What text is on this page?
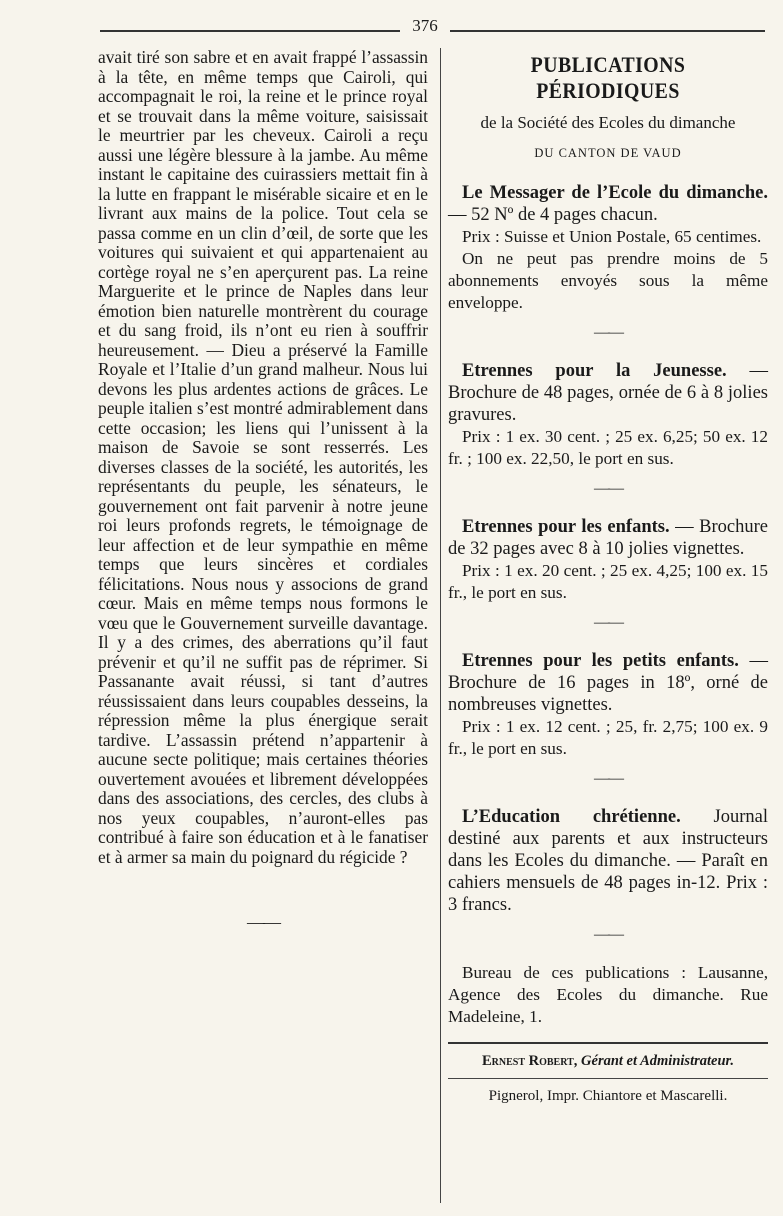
376

avait tiré son sabre et en avait frappé l’assassin à la tête, en même temps que Cairoli, qui accompagnait le roi, la reine et le prince royal et se trouvait dans la même voiture, saisissait le meurtrier par les cheveux. Cairoli a reçu aussi une légère blessure à la jambe. Au même instant le capitaine des cuirassiers mettait fin à la lutte en frappant le misérable sicaire et en le livrant aux mains de la police. Tout cela se passa comme en un clin d’œil, de sorte que les voitures qui suivaient et qui appartenaient au cortège royal ne s’en aperçurent pas. La reine Marguerite et le prince de Naples dans leur émotion bien naturelle montrèrent du courage et du sang froid, ils n’ont eu rien à souffrir heureusement. — Dieu a préservé la Famille Royale et l’Italie d’un grand malheur. Nous lui devons les plus ardentes actions de grâces. Le peuple italien s’est montré admirablement dans cette occasion; les liens qui l’unissent à la maison de Savoie se sont resserrés. Les diverses classes de la société, les autorités, les représentants du peuple, les sénateurs, le gouvernement ont fait parvenir à notre jeune roi leurs profonds regrets, le témoignage de leur affection et de leur sympathie en même temps que leurs sincères et cordiales félicitations. Nous nous y associons de grand cœur. Mais en même temps nous formons le vœu que le Gouvernement surveille davantage. Il y a des crimes, des aberrations qu’il faut prévenir et qu’il ne suffit pas de réprimer. Si Passanante avait réussi, si tant d’autres réussissaient dans leurs coupables desseins, la répression même la plus énergique serait tardive. L’assassin prétend n’appartenir à aucune secte politique; mais certaines théories ouvertement avouées et librement développées dans des associations, des cercles, des clubs à nos yeux coupables, n’auront-elles pas contribué à faire son éducation et à le fanatiser et à armer sa main du poignard du régicide ?

——

PUBLICATIONS PÉRIODIQUES

de la Société des Ecoles du dimanche

DU CANTON DE VAUD

Le Messager de l’Ecole du dimanche. — 52 Nº de 4 pages chacun.

Prix : Suisse et Union Postale, 65 centimes.

On ne peut pas prendre moins de 5 abonnements envoyés sous la même enveloppe.

——

Etrennes pour la Jeunesse. — Brochure de 48 pages, ornée de 6 à 8 jolies gravures.

Prix : 1 ex. 30 cent. ; 25 ex. 6,25; 50 ex. 12 fr. ; 100 ex. 22,50, le port en sus.

——

Etrennes pour les enfants. — Brochure de 32 pages avec 8 à 10 jolies vignettes.

Prix : 1 ex. 20 cent. ; 25 ex. 4,25; 100 ex. 15 fr., le port en sus.

——

Etrennes pour les petits enfants. — Brochure de 16 pages in 18º, orné de nombreuses vignettes.

Prix : 1 ex. 12 cent. ; 25, fr. 2,75; 100 ex. 9 fr., le port en sus.

——

L’Education chrétienne. Journal destiné aux parents et aux instructeurs dans les Ecoles du dimanche. — Paraît en cahiers mensuels de 48 pages in-12. Prix : 3 francs.

——

Bureau de ces publications : Lausanne, Agence des Ecoles du dimanche. Rue Madeleine, 1.

Ernest Robert, Gérant et Administrateur.

Pignerol, Impr. Chiantore et Mascarelli.
